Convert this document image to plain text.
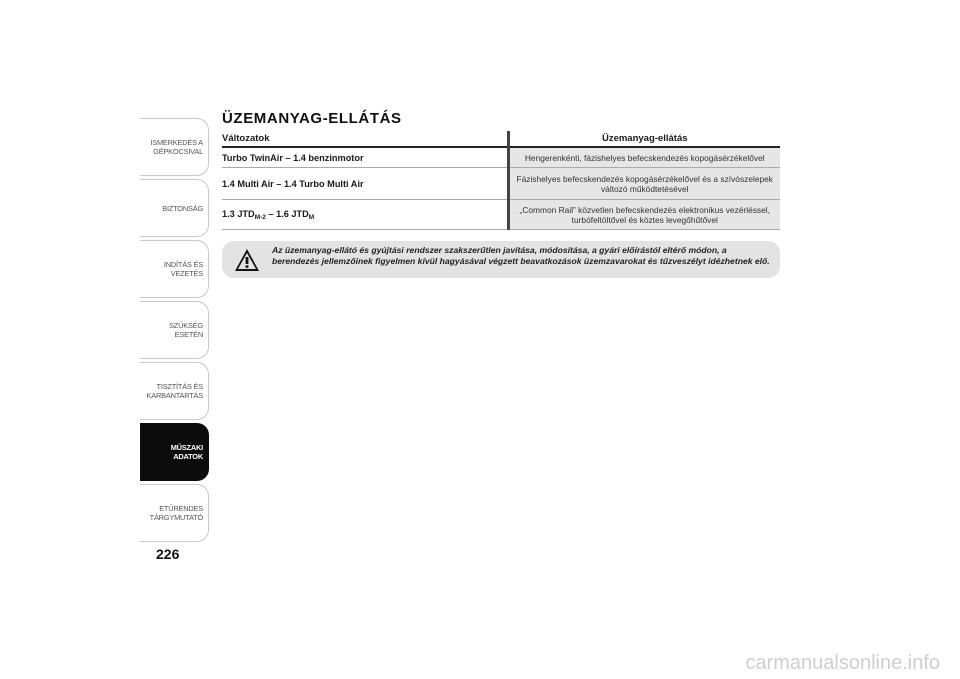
ISMERKEDÉS A
GÉPKOCSIVAL
BIZTONSÁG
INDÍTÁS ÉS VEZETÉS
SZÜKSÉG ESETÉN
TISZTÍTÁS ÉS
KARBANTARTÁS
MŰSZAKI
ADATOK
ETŰRENDES
TÁRGYMUTATÓ
226
ÜZEMANYAG-ELLÁTÁS
Változatok	Üzemanyag-ellátás
Turbo TwinAir – 1.4 benzinmotor	Hengerenkénti, fázishelyes befecskendezés kopogásérzékelővel
1.4 Multi Air – 1.4 Turbo Multi Air	Fázishelyes befecskendezés kopogásérzékelővel és a szívószelepek változó működtetésével
1.3 $JTD_{M-2} - 1.6$ $JTD_M$	„Common Rail” közvetlen befecskendezés elektronikus vezérléssel, turbófeltöltővel és köztes levegőhűtővel
Az üzemanyag-ellátó és gyújtási rendszer szakszerűtlen javítása, módosítása, a gyári előírástól eltérő módon, a berendezés jellemzőinek figyelmen kívül hagyásával végzett beavatkozások üzemzavarokat és tűzveszélyt idézhetnek elő.
carmanualsonline.info
